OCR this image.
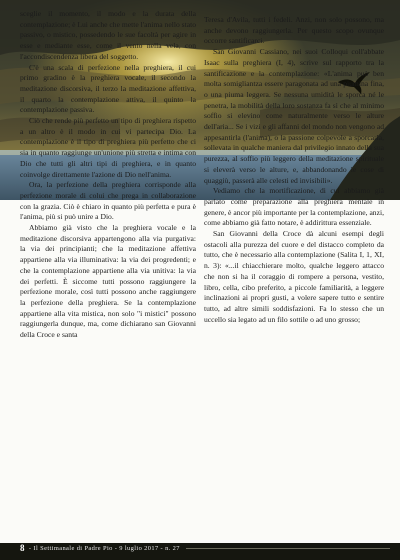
sceglie il momento, il modo e la durata della contemplazione; è Lui anche che mette l'anima nello stato passivo, o mistico, possedendo le sue facoltà per agire in esse e mediante esse, come il vento nella vela, con l'accondiscendenza libera del soggetto.

C'è una scala di perfezione nella preghiera, il cui primo gradino è la preghiera vocale, il secondo la meditazione discorsiva, il terzo la meditazione affettiva, il quarto la contemplazione attiva, il quinto la contemplazione passiva.

Ciò che rende più perfetto un tipo di preghiera rispetto a un altro è il modo in cui vi partecipa Dio. La contemplazione è il tipo di preghiera più perfetto che ci sia in quanto raggiunge un'unione più stretta e intima con Dio che tutti gli altri tipi di preghiera, e in quanto coinvolge direttamente l'azione di Dio nell'anima.

Ora, la perfezione della preghiera corrisponde alla perfezione morale di colui che prega in collaborazione con la grazia. Ciò è chiaro in quanto più perfetta e pura è l'anima, più si può unire a Dio.

Abbiamo già visto che la preghiera vocale e la meditazione discorsiva appartengono alla via purgativa: la via dei principianti; che la meditazione affettiva appartiene alla via illuminativa: la via dei progredenti; e che la contemplazione appartiene alla via unitiva: la via dei perfetti. È siccome tutti possono raggiungere la perfezione morale, così tutti possono anche raggiungere la perfezione della preghiera. Se la contemplazione appartiene alla vita mistica, non solo "i mistici" possono raggiungerla dunque, ma, come dichiarano san Giovanni della Croce e santa

Teresa d'Avila, tutti i fedeli. Anzi, non solo possono, ma anche devono raggiungerla. Per questo scopo ovunque occorre santificarci.

San Giovanni Cassiano, nei suoi Colloqui coll'abbate Isaac sulla preghiera (I, 4), scrive sul rapporto tra la santificazione e la contemplazione: «L'anima può ben molta somigliantza essere paragonata ad una piumina fina, o una piuma leggera. Se nessuna umidità le sporca né le penetra, la mobilità della loro sostanza fa sì che al minimo soffio si elevino come naturalmente verso le alture dell'aria... Se i vizi e gli affanni del mondo non vengono ad appesantirla (l'anima), o la passione colpevole a sporcarla, sollevata in qualche maniera dal privilegio innato della sua purezza, al soffio più leggero della meditazione spirituale si eleverà verso le alture, e, abbandonando le cose di quaggiù, passerà alle celesti ed invisibili».

Vediamo che la mortificazione, di cui abbiamo già parlato come preparazione alla preghiera mentale in genere, è ancor più importante per la contemplazione, anzi, come abbiamo già fatto notare, è addirittura essenziale.

San Giovanni della Croce dà alcuni esempi degli ostacoli alla purezza del cuore e del distacco completo da tutto, che è necessario alla contemplazione (Salita I, 1, XI, n. 3): «...il chiacchierare molto, qualche leggero attacco che non si ha il coraggio di rompere a persona, vestito, libro, cella, cibo preferito, a piccole familiarità, a leggere inclinazioni ai propri gusti, a volere sapere tutto e sentire tutto, ad altre simili soddisfazioni. Fa lo stesso che un uccello sia legato ad un filo sottile o ad uno grosso;

8 - Il Settimanale di Padre Pio - 9 luglio 2017 - n. 27
